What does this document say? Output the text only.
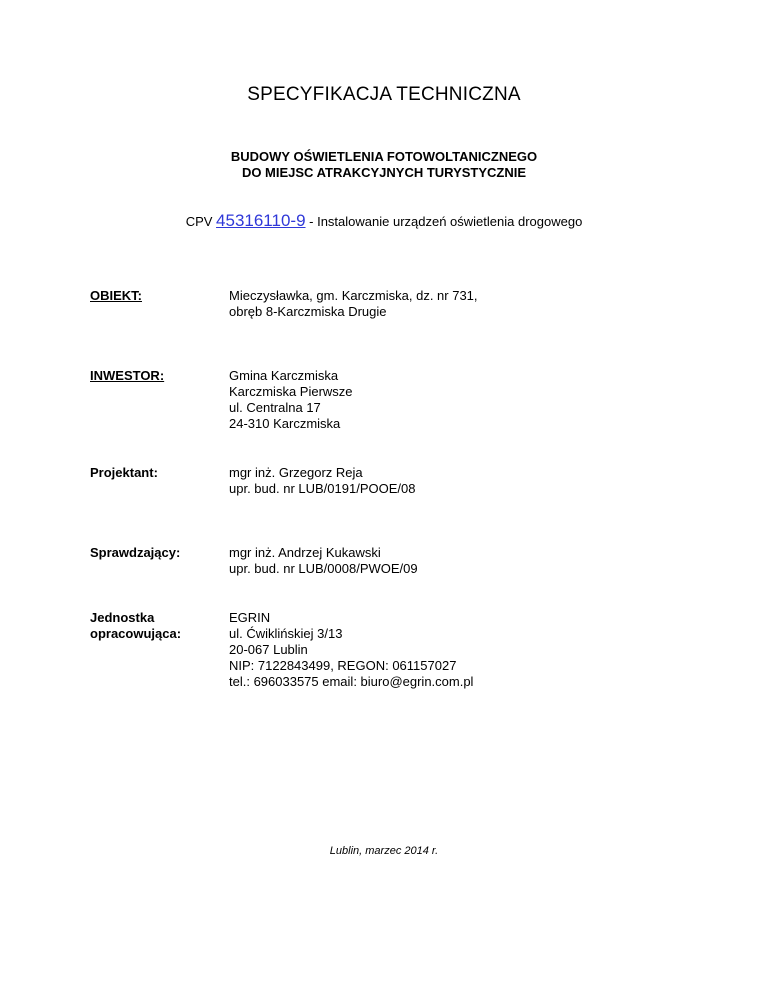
SPECYFIKACJA TECHNICZNA
BUDOWY OŚWIETLENIA FOTOWOLTANICZNEGO
DO MIEJSC ATRAKCYJNYCH TURYSTYCZNIE
CPV 45316110-9 - Instalowanie urządzeń oświetlenia drogowego
OBIEKT:	Mieczysławka, gm. Karczmiska, dz. nr 731,
obręb 8-Karczmiska Drugie
INWESTOR:	Gmina Karczmiska
Karczmiska Pierwsze
ul. Centralna 17
24-310 Karczmiska
Projektant:	mgr inż. Grzegorz Reja
upr. bud. nr LUB/0191/POOE/08
Sprawdzający:	mgr inż. Andrzej Kukawski
upr. bud. nr LUB/0008/PWOE/09
Jednostka
opracowująca:
EGRIN
ul. Ćwiklińskiej 3/13
20-067 Lublin
NIP: 7122843499, REGON: 061157027
tel.: 696033575 email: biuro@egrin.com.pl
Lublin, marzec 2014 r.
